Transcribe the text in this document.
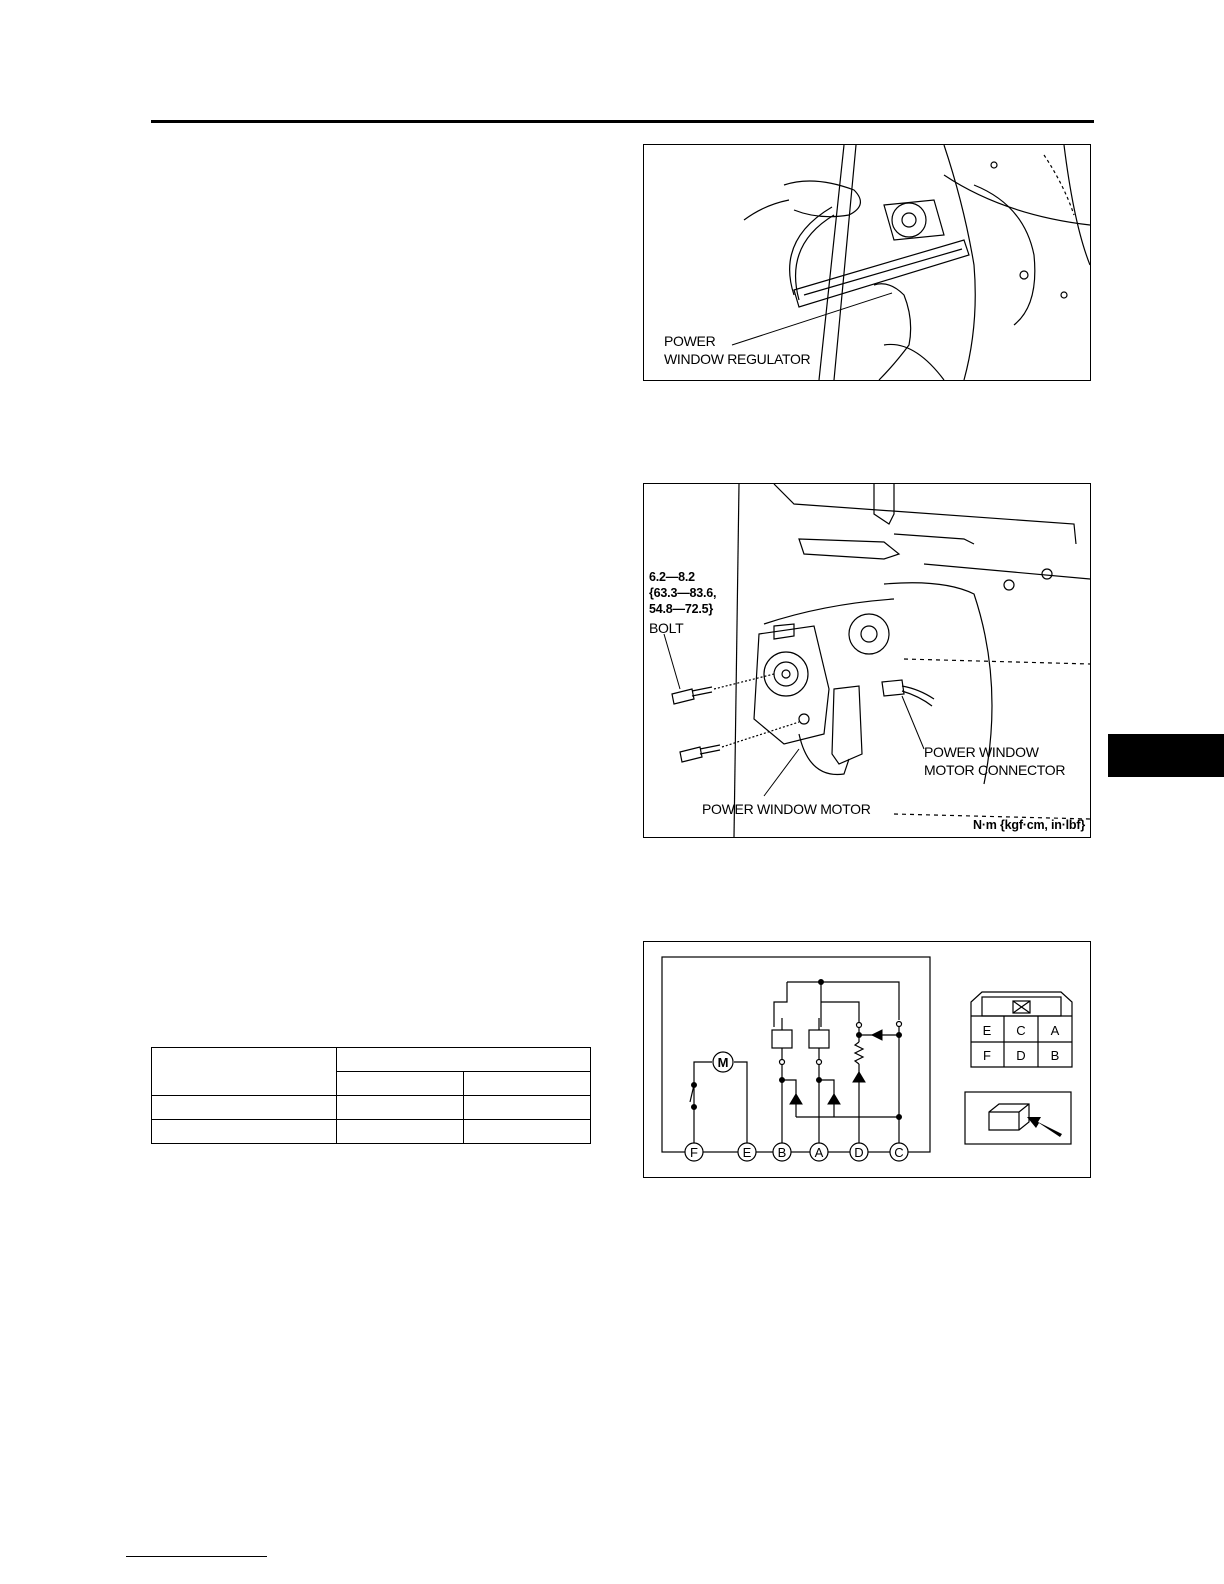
POWER
WINDOW REGULATOR
6.2—8.2
{63.3—83.6,
54.8—72.5}
BOLT
POWER WINDOW
MOTOR CONNECTOR
POWER WINDOW MOTOR
N·m {kgf·cm, in·lbf}
M
F	E B A D C
E C A
F D B
